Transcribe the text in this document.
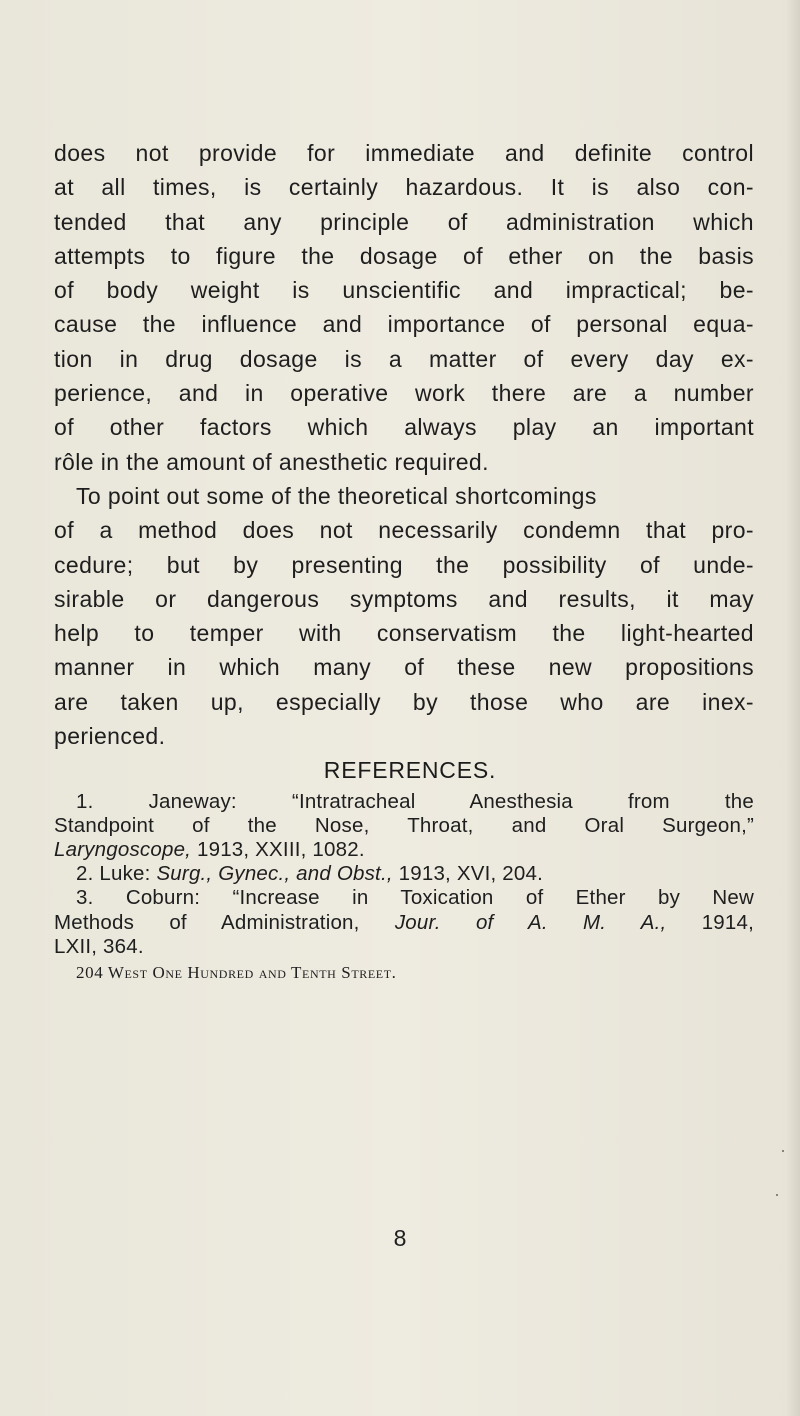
does not provide for immediate and definite control
at all times, is certainly hazardous. It is also con-
tended that any principle of administration which
attempts to figure the dosage of ether on the basis
of body weight is unscientific and impractical; be-
cause the influence and importance of personal equa-
tion in drug dosage is a matter of every day ex-
perience, and in operative work there are a number
of other factors which always play an important
rôle in the amount of anesthetic required.
To point out some of the theoretical shortcomings
of a method does not necessarily condemn that pro-
cedure; but by presenting the possibility of unde-
sirable or dangerous symptoms and results, it may
help to temper with conservatism the light-hearted
manner in which many of these new propositions
are taken up, especially by those who are inex-
perienced.
REFERENCES.
1. Janeway: “Intratracheal Anesthesia from the
Standpoint of the Nose, Throat, and Oral Surgeon,”
Laryngoscope, 1913, XXIII, 1082.
2. Luke: Surg., Gynec., and Obst., 1913, XVI, 204.
3. Coburn: “Increase in Toxication of Ether by New
Methods of Administration, Jour. of A. M. A., 1914,
LXII, 364.
204 West One Hundred and Tenth Street.
8
